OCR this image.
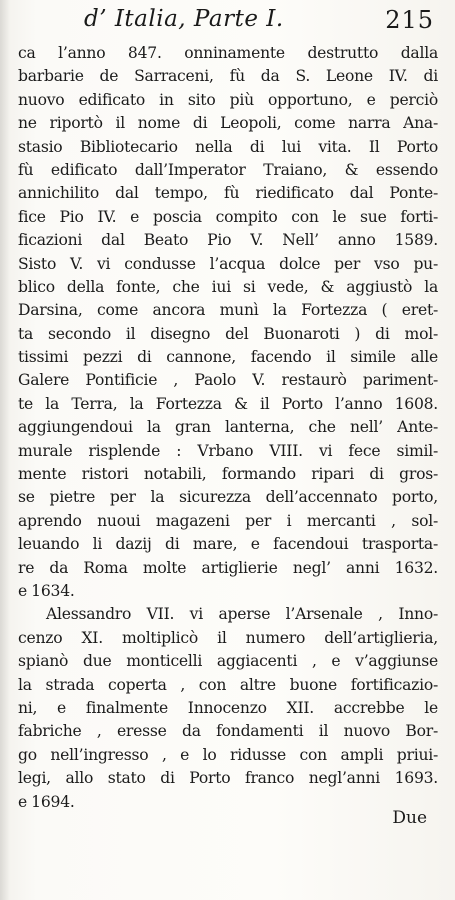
d’ Italia, Parte I.	215
ca l’anno 847. onninamente destrutto dalla
barbarie de Sarraceni, fù da S. Leone IV. di
nuovo edificato in sito più opportuno, e perciò
ne riportò il nome di Leopoli, come narra Ana-
stasio Bibliotecario nella di lui vita. Il Porto
fù edificato dall’Imperator Traiano, & essendo
annichilito dal tempo, fù riedificato dal Ponte-
fice Pio IV. e poscia compito con le sue forti-
ficazioni dal Beato Pio V. Nell’ anno 1589.
Sisto V. vi condusse l’acqua dolce per vso pu-
blico della fonte, che iui si vede, & aggiustò la
Darsina, come ancora munì la Fortezza ( eret-
ta secondo il disegno del Buonaroti ) di mol-
tissimi pezzi di cannone, facendo il simile alle
Galere Pontificie , Paolo V. restaurò pariment-
te la Terra, la Fortezza & il Porto l’anno 1608.
aggiungendoui la gran lanterna, che nell’ Ante-
murale risplende : Vrbano VIII. vi fece simil-
mente ristori notabili, formando ripari di gros-
se pietre per la sicurezza dell’accennato porto,
aprendo nuoui magazeni per i mercanti , sol-
leuando li dazij di mare, e facendoui trasporta-
re da Roma molte artiglierie negl’ anni 1632.
e 1634.
Alessandro VII. vi aperse l’Arsenale , Inno-
cenzo XI. moltiplicò il numero dell’artiglieria,
spianò due monticelli aggiacenti , e v’aggiunse
la strada coperta , con altre buone fortificazio-
ni, e finalmente Innocenzo XII. accrebbe le
fabriche , eresse da fondamenti il nuovo Bor-
go nell’ingresso , e lo ridusse con ampli priui-
legi, allo stato di Porto franco negl’anni 1693.
e 1694.
Due
